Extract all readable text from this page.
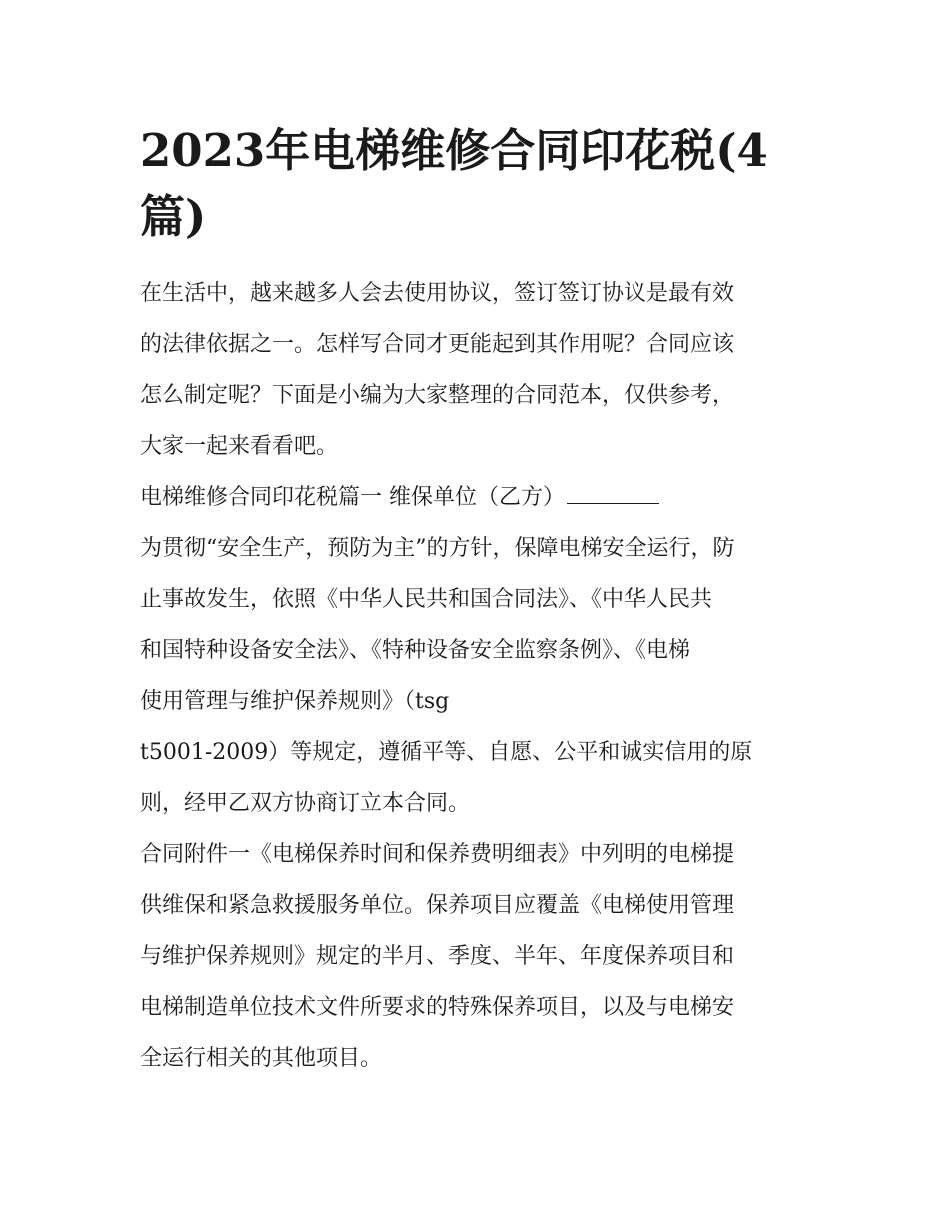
2023年电梯维修合同印花税(4
篇)

在生活中，越来越多人会去使用协议，签订签订协议是最有效
的法律依据之一。怎样写合同才更能起到其作用呢？合同应该
怎么制定呢？下面是小编为大家整理的合同范本，仅供参考，
大家一起来看看吧。

电梯维修合同印花税篇一 维保单位（乙方）

为贯彻“安全生产，预防为主”的方针，保障电梯安全运行，防
止事故发生，依照《中华人民共和国合同法》、《中华人民共
和国特种设备安全法》、《特种设备安全监察条例》、《电梯
使用管理与维护保养规则》（tsg

t5001-2009）等规定，遵循平等、自愿、公平和诚实信用的原
则，经甲乙双方协商订立本合同。

合同附件一《电梯保养时间和保养费明细表》中列明的电梯提
供维保和紧急救援服务单位。保养项目应覆盖《电梯使用管理
与维护保养规则》规定的半月、季度、半年、年度保养项目和
电梯制造单位技术文件所要求的特殊保养项目，以及与电梯安
全运行相关的其他项目。
